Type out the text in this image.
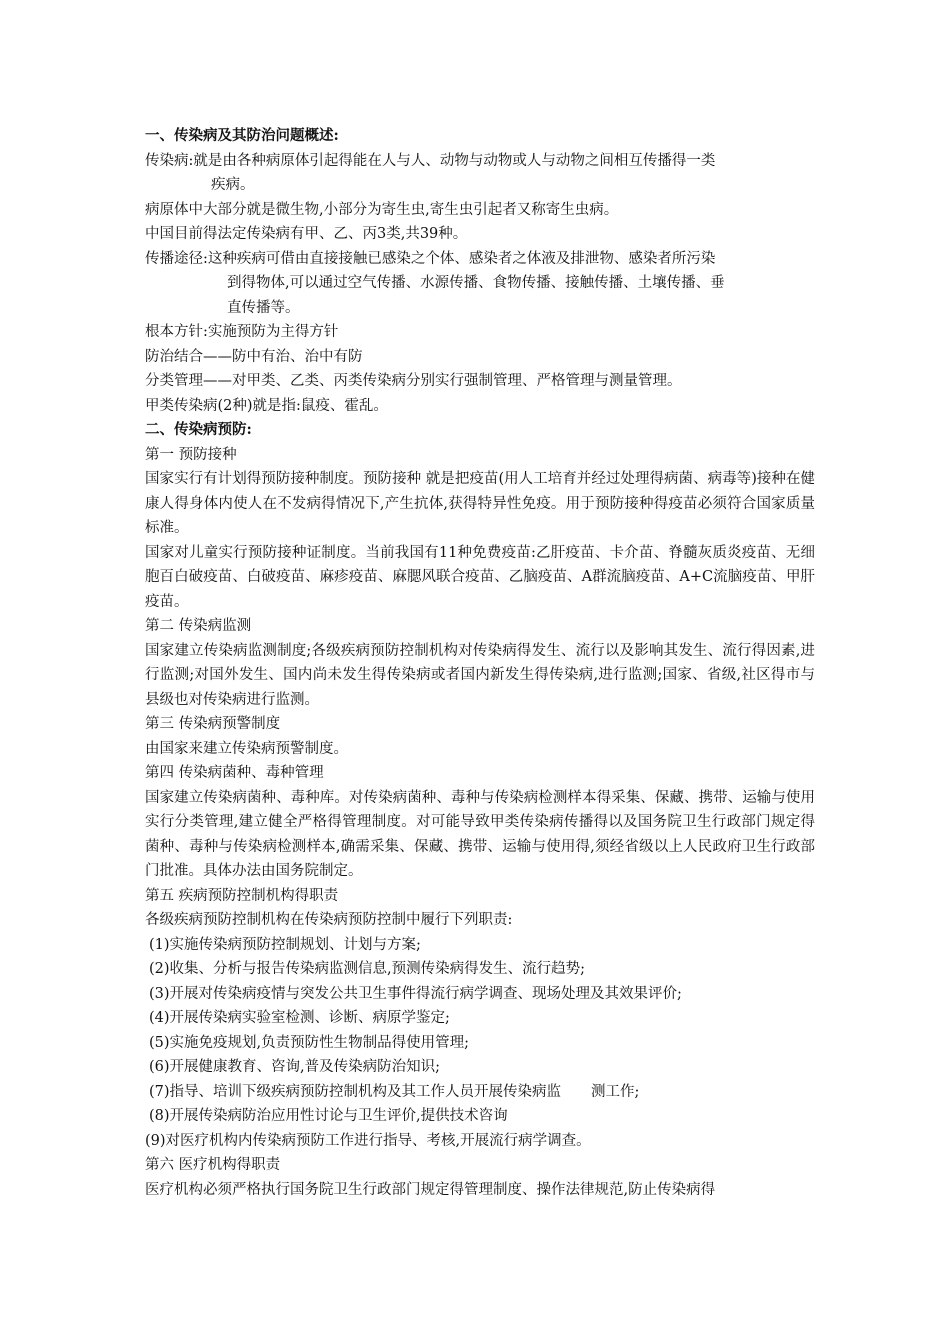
一、传染病及其防治问题概述:
传染病:就是由各种病原体引起得能在人与人、动物与动物或人与动物之间相互传播得一类
疾病。
病原体中大部分就是微生物,小部分为寄生虫,寄生虫引起者又称寄生虫病。
中国目前得法定传染病有甲、乙、丙3类,共39种。
传播途径:这种疾病可借由直接接触已感染之个体、感染者之体液及排泄物、感染者所污染
到得物体,可以通过空气传播、水源传播、食物传播、接触传播、土壤传播、垂
直传播等。
根本方针:实施预防为主得方针
防治结合——防中有治、治中有防
分类管理——对甲类、乙类、丙类传染病分别实行强制管理、严格管理与测量管理。
甲类传染病(2种)就是指:鼠疫、霍乱。
二、传染病预防:
第一 预防接种
国家实行有计划得预防接种制度。预防接种 就是把疫苗(用人工培育并经过处理得病菌、病毒等)接种在健康人得身体内使人在不发病得情况下,产生抗体,获得特异性免疫。用于预防接种得疫苗必须符合国家质量标准。
国家对儿童实行预防接种证制度。当前我国有11种免费疫苗:乙肝疫苗、卡介苗、脊髓灰质炎疫苗、无细胞百白破疫苗、白破疫苗、麻疹疫苗、麻腮风联合疫苗、乙脑疫苗、A群流脑疫苗、A+C流脑疫苗、甲肝疫苗。
第二 传染病监测
国家建立传染病监测制度;各级疾病预防控制机构对传染病得发生、流行以及影响其发生、流行得因素,进行监测;对国外发生、国内尚未发生得传染病或者国内新发生得传染病,进行监测;国家、省级,社区得市与县级也对传染病进行监测。
第三 传染病预警制度
由国家来建立传染病预警制度。
第四 传染病菌种、毒种管理
国家建立传染病菌种、毒种库。对传染病菌种、毒种与传染病检测样本得采集、保藏、携带、运输与使用实行分类管理,建立健全严格得管理制度。对可能导致甲类传染病传播得以及国务院卫生行政部门规定得菌种、毒种与传染病检测样本,确需采集、保藏、携带、运输与使用得,须经省级以上人民政府卫生行政部门批准。具体办法由国务院制定。
第五 疾病预防控制机构得职责
各级疾病预防控制机构在传染病预防控制中履行下列职责:
(1)实施传染病预防控制规划、计划与方案;
(2)收集、分析与报告传染病监测信息,预测传染病得发生、流行趋势;
(3)开展对传染病疫情与突发公共卫生事件得流行病学调查、现场处理及其效果评价;
(4)开展传染病实验室检测、诊断、病原学鉴定;
(5)实施免疫规划,负责预防性生物制品得使用管理;
(6)开展健康教育、咨询,普及传染病防治知识;
(7)指导、培训下级疾病预防控制机构及其工作人员开展传染病监 测工作;
(8)开展传染病防治应用性讨论与卫生评价,提供技术咨询
(9)对医疗机构内传染病预防工作进行指导、考核,开展流行病学调查。
第六 医疗机构得职责
医疗机构必须严格执行国务院卫生行政部门规定得管理制度、操作法律规范,防止传染病得
